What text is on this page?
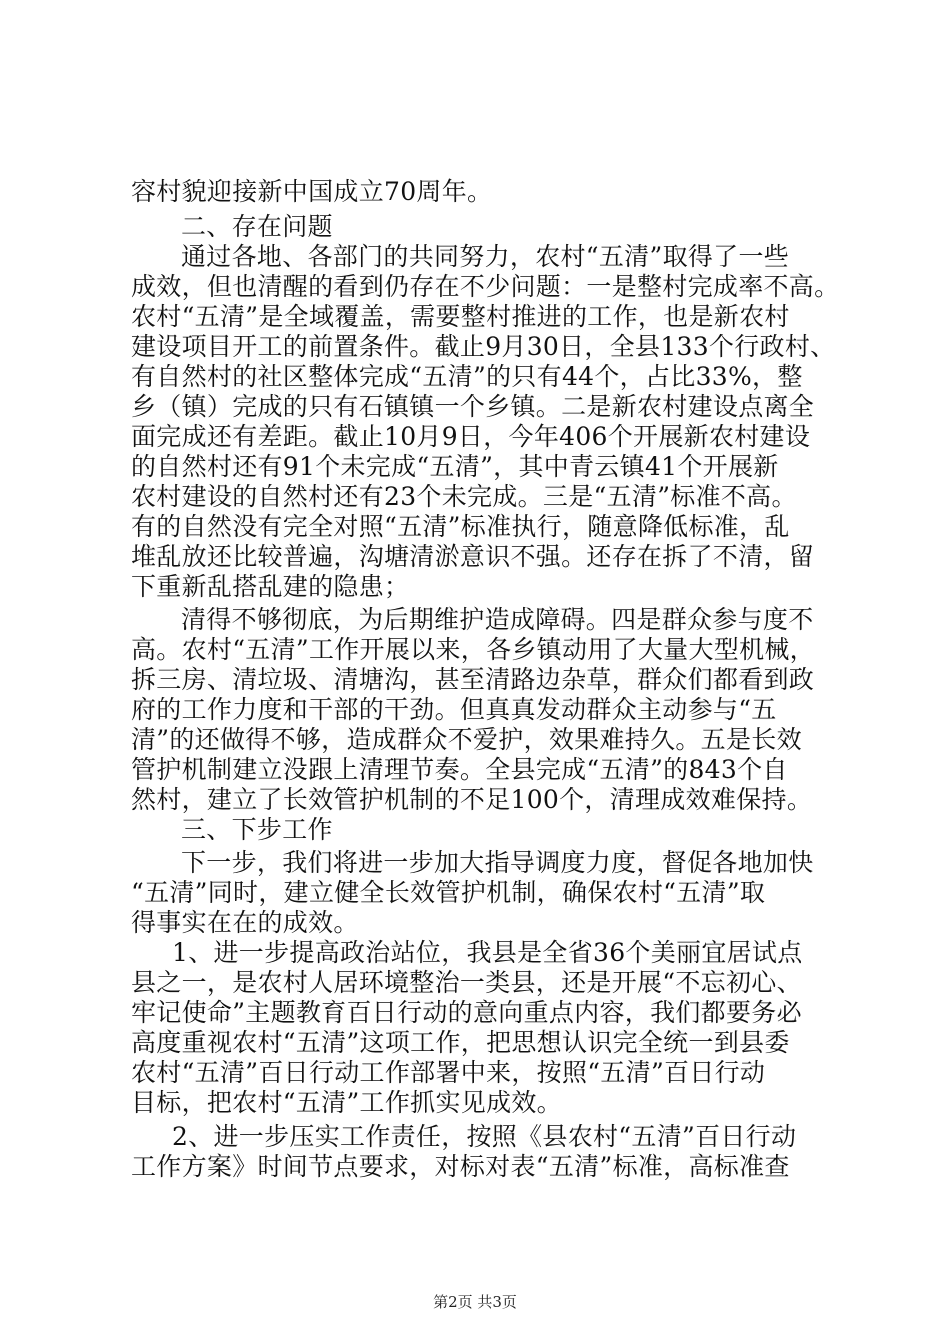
容村貌迎接新中国成立70周年。
二、存在问题
通过各地、各部门的共同努力，农村“五清”取得了一些
成效，但也清醒的看到仍存在不少问题：一是整村完成率不高。
农村“五清”是全域覆盖，需要整村推进的工作，也是新农村
建设项目开工的前置条件。截止9月30日，全县133个行政村、
有自然村的社区整体完成“五清”的只有44个，占比33%，整
乡（镇）完成的只有石镇镇一个乡镇。二是新农村建设点离全
面完成还有差距。截止10月9日，今年406个开展新农村建设
的自然村还有91个未完成“五清”，其中青云镇41个开展新
农村建设的自然村还有23个未完成。三是“五清”标准不高。
有的自然没有完全对照“五清”标准执行，随意降低标准，乱
堆乱放还比较普遍，沟塘清淤意识不强。还存在拆了不清，留
下重新乱搭乱建的隐患；
清得不够彻底，为后期维护造成障碍。四是群众参与度不
高。农村“五清”工作开展以来，各乡镇动用了大量大型机械，
拆三房、清垃圾、清塘沟，甚至清路边杂草，群众们都看到政
府的工作力度和干部的干劲。但真真发动群众主动参与“五
清”的还做得不够，造成群众不爱护，效果难持久。五是长效
管护机制建立没跟上清理节奏。全县完成“五清”的843个自
然村，建立了长效管护机制的不足100个，清理成效难保持。
三、下步工作
下一步，我们将进一步加大指导调度力度，督促各地加快
“五清”同时，建立健全长效管护机制，确保农村“五清”取
得事实在在的成效。
1、进一步提高政治站位，我县是全省36个美丽宜居试点
县之一，是农村人居环境整治一类县，还是开展“不忘初心、
牢记使命”主题教育百日行动的意向重点内容，我们都要务必
高度重视农村“五清”这项工作，把思想认识完全统一到县委
农村“五清”百日行动工作部署中来，按照“五清”百日行动
目标，把农村“五清”工作抓实见成效。
2、进一步压实工作责任，按照《县农村“五清”百日行动
工作方案》时间节点要求，对标对表“五清”标准，高标准查
第2页 共3页
